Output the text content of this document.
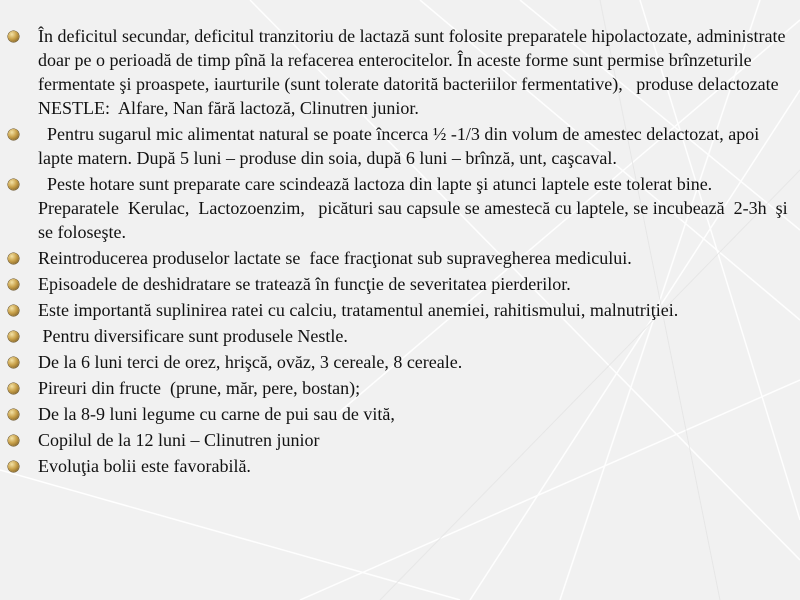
În deficitul secundar, deficitul tranzitoriu de lactază sunt folosite preparatele hipolactozate, administrate doar pe o perioadă de timp pînă la refacerea enterocitelor. În aceste forme sunt permise brînzeturile  fermentate şi proaspete, iaurturile (sunt tolerate datorită bacteriilor fermentative),   produse delactozate NESTLE:  Alfare, Nan fără lactoză, Clinutren junior.
Pentru sugarul mic alimentat natural se poate încerca ½ -1/3 din volum de amestec delactozat, apoi lapte matern. După 5 luni – produse din soia, după 6 luni – brînză, unt, caşcaval.
Peste hotare sunt preparate care scindează lactoza din lapte şi atunci laptele este tolerat bine.  Preparatele  Kerulac,  Lactozoenzim,   picături sau capsule se amestecă cu laptele, se incubează  2-3h  şi se foloseşte.
Reintroducerea produselor lactate se  face fracţionat sub supravegherea medicului.
Episoadele de deshidratare se tratează în funcţie de severitatea pierderilor.
Este importantă suplinirea ratei cu calciu, tratamentul anemiei, rahitismului, malnutriţiei.
Pentru diversificare sunt produsele Nestle.
De la 6 luni terci de orez, hrişcă, ovăz, 3 cereale, 8 cereale.
Pireuri din fructe  (prune, măr, pere, bostan);
De la 8-9 luni legume cu carne de pui sau de vită,
Copilul de la 12 luni – Clinutren junior
Evoluţia bolii este favorabilă.
